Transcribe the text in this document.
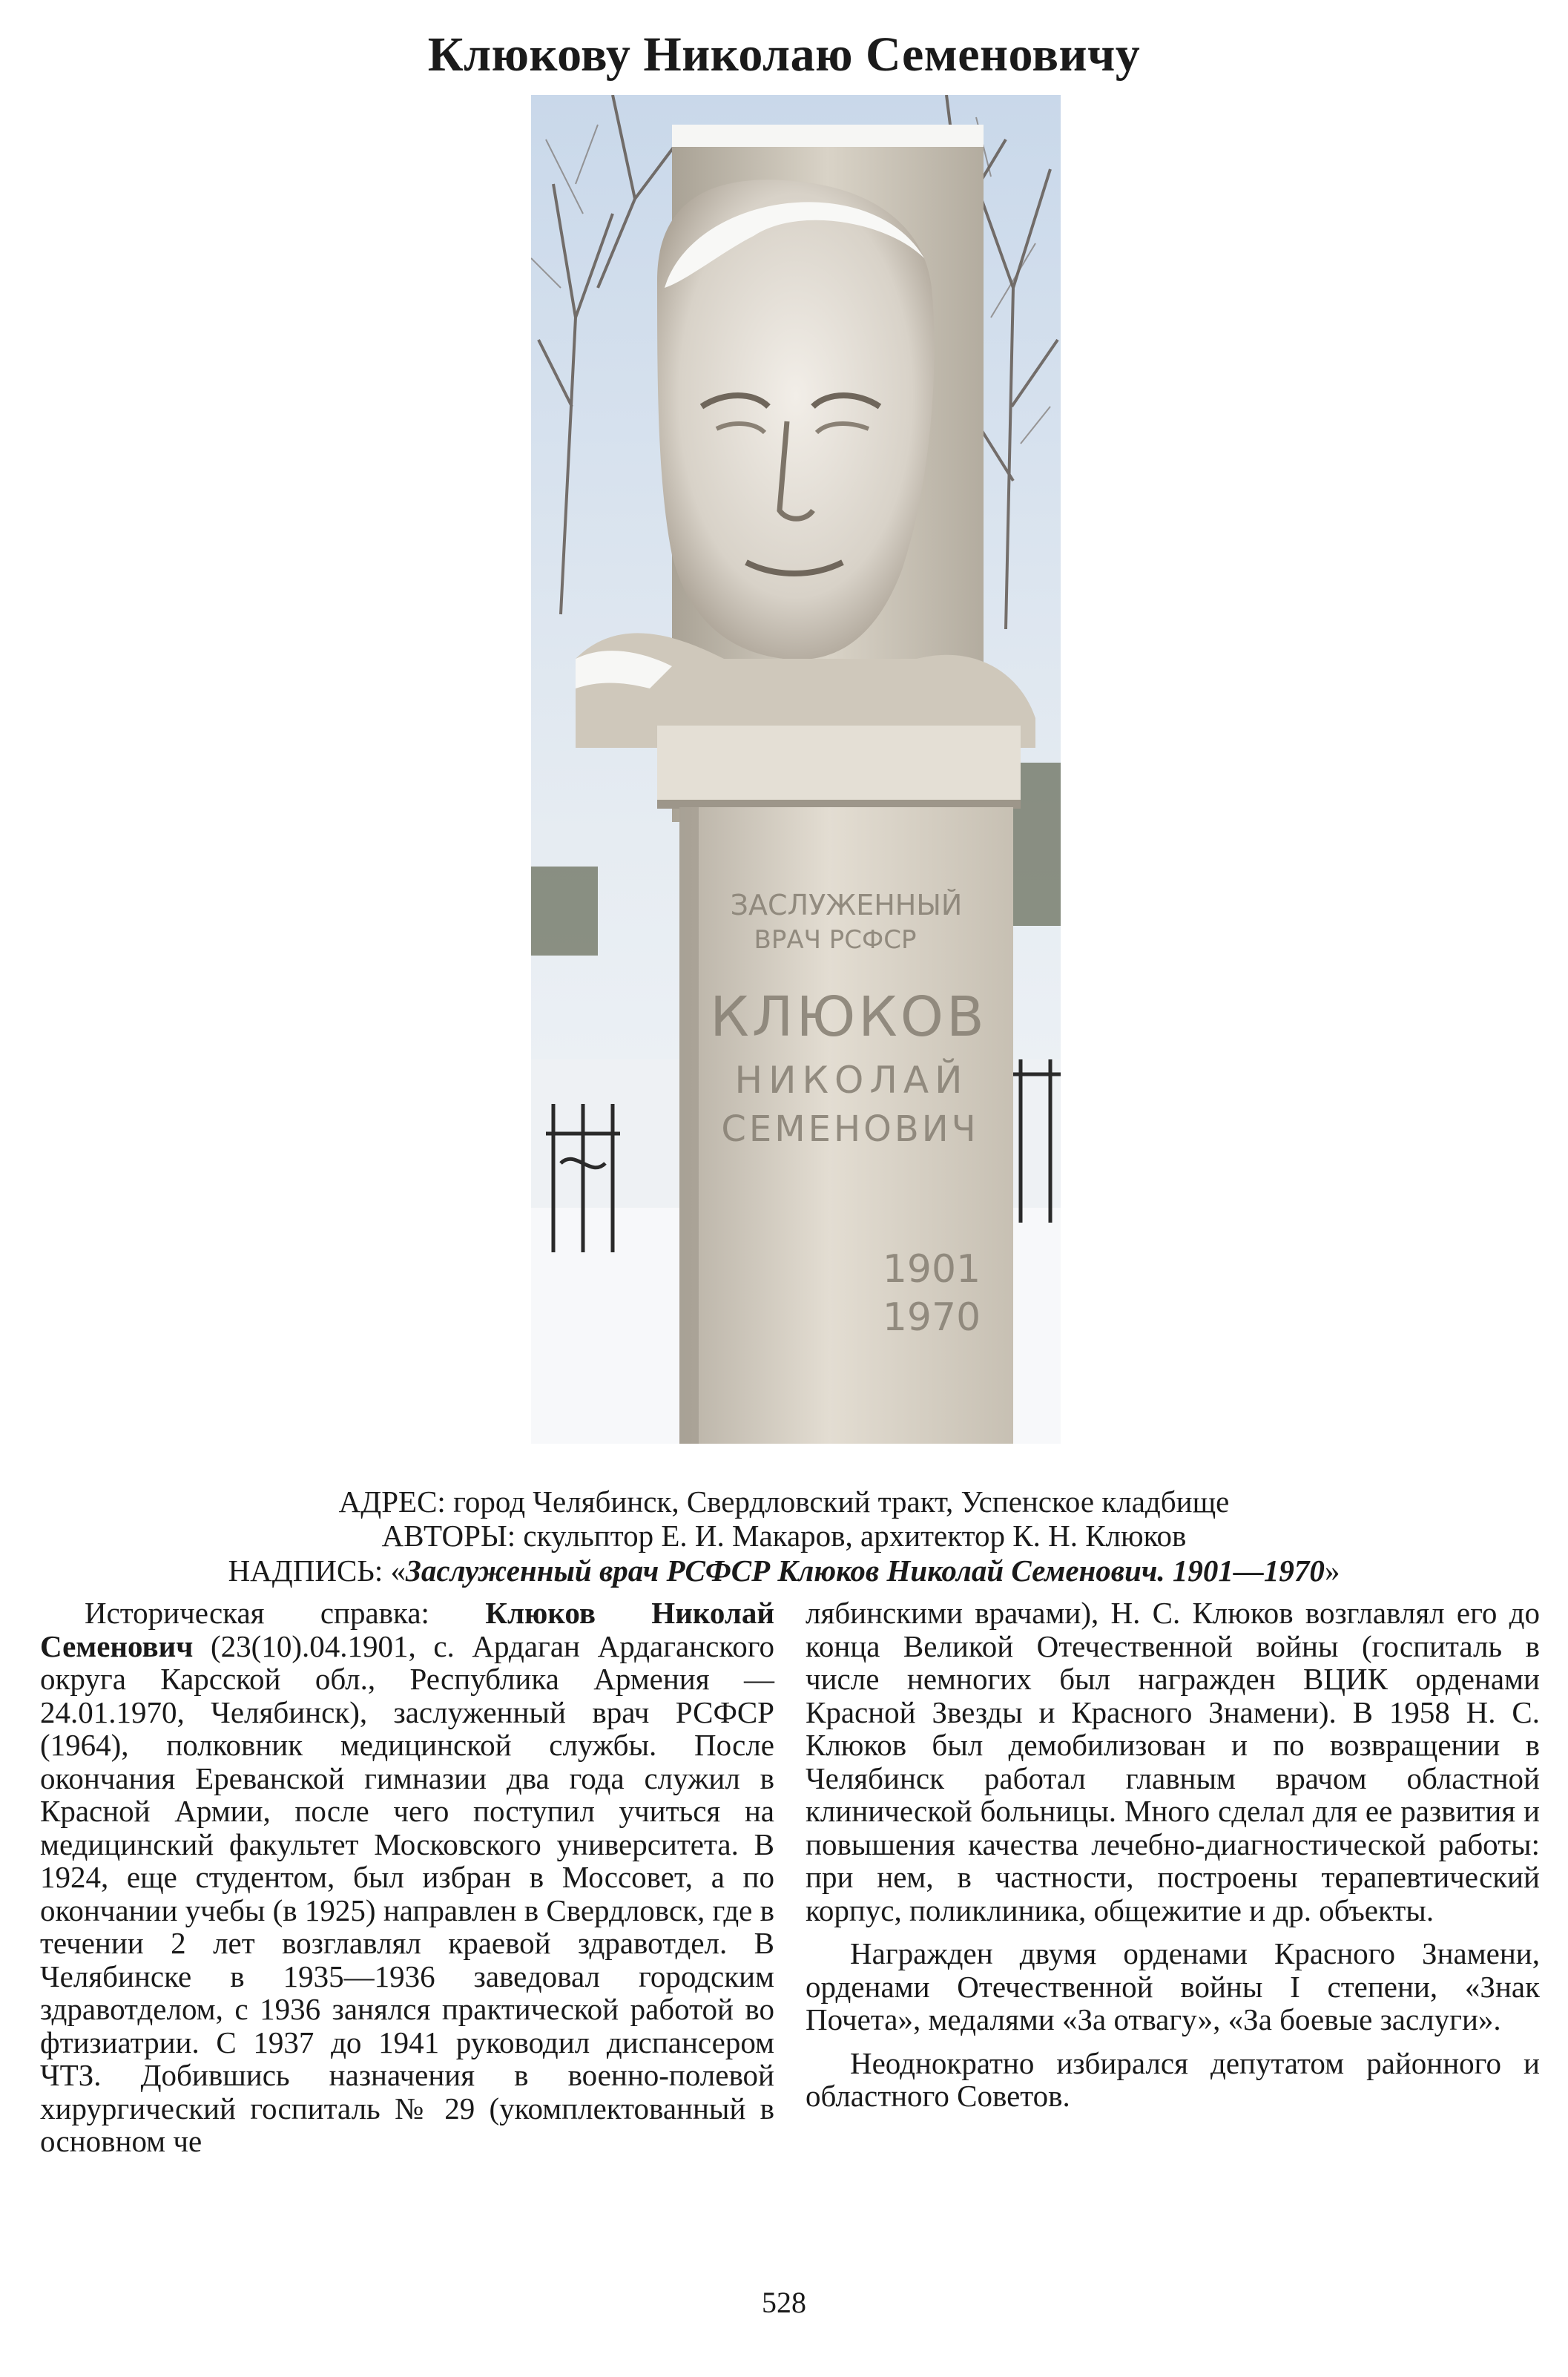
Клюкову Николаю Семеновичу
ЗАСЛУЖЕННЫЙ
ВРАЧ РСФСР
КЛЮКОВ
НИКОЛАЙ
СЕМЕНОВИЧ
1901
1970
АДРЕС: город Челябинск, Свердловский тракт, Успенское кладбище
АВТОРЫ: скульптор Е. И. Макаров, архитектор К. Н. Клюков
НАДПИСЬ: «Заслуженный врач РСФСР Клюков Николай Семенович. 1901—1970»

Историческая справка: Клюков Николай Семенович (23(10).04.1901, с. Ардаган Ардаганского округа Карсской обл., Республика Армения — 24.01.1970, Челябинск), заслуженный врач РСФСР (1964), полковник медицинской службы. После окончания Ереванской гимназии два года служил в Красной Армии, после чего поступил учиться на медицинский факультет Московского университета. В 1924, еще студентом, был избран в Моссовет, а по окончании учебы (в 1925) направлен в Свердловск, где в течении 2 лет возглавлял краевой здравотдел. В Челябинске в 1935—1936 заведовал городским здравотделом, с 1936 занялся практической работой во фтизиатрии. С 1937 до 1941 руководил диспансером ЧТЗ. Добившись назначения в военно-полевой хирургический госпиталь № 29 (укомплектованный в основном че

лябинскими врачами), Н. С. Клюков возглавлял его до конца Великой Отечественной войны (госпиталь в числе немногих был награжден ВЦИК орденами Красной Звезды и Красного Знамени). В 1958 Н. С. Клюков был демобилизован и по возвращении в Челябинск работал главным врачом областной клинической больницы. Много сделал для ее развития и повышения качества лечебно-диагностической работы: при нем, в частности, построены терапевтический корпус, поликлиника, общежитие и др. объекты.

Награжден двумя орденами Красного Знамени, орденами Отечественной войны I степени, «Знак Почета», медалями «За отвагу», «За боевые заслуги».

Неоднократно избирался депутатом районного и областного Советов.

528
